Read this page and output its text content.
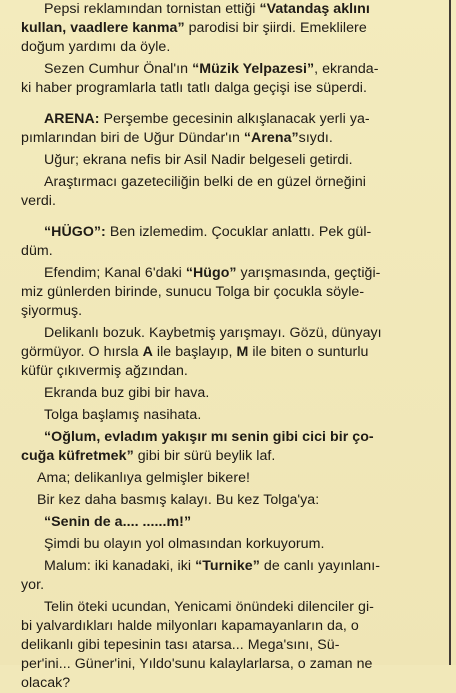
Pepsi reklamından tornistan ettiği “Vatandaş aklını
kullan, vaadlere kanma” parodisi bir şiirdi. Emeklilere
doğum yardımı da öyle.

Sezen Cumhur Önal'ın “Müzik Yelpazesi”, ekranda-
ki haber programlarla tatlı tatlı dalga geçişi ise süperdi.

ARENA: Perşembe gecesinin alkışlanacak yerli ya-
pımlarından biri de Uğur Dündar'ın “Arena”sıydı.

Uğur; ekrana nefis bir Asil Nadir belgeseli getirdi.

Araştırmacı gazeteciliğin belki de en güzel örneğini
verdi.

“HÜGO”: Ben izlemedim. Çocuklar anlattı. Pek gül-
düm.

Efendim; Kanal 6'daki “Hügo” yarışmasında, geçtiği-
miz günlerden birinde, sunucu Tolga bir çocukla söyle-
şiyormuş.

Delikanlı bozuk. Kaybetmiş yarışmayı. Gözü, dünyayı
görmüyor. O hırsla A ile başlayıp, M ile biten o sunturlu
küfür çıkıvermiş ağzından.

Ekranda buz gibi bir hava.

Tolga başlamış nasihata.

“Oğlum, evladım yakışır mı senin gibi cici bir ço-
cuğa küfretmek” gibi bir sürü beylik laf.

Ama; delikanlıya gelmişler bikere!

Bir kez daha basmış kalayı. Bu kez Tolga'ya:

“Senin de a.... ......m!”

Şimdi bu olayın yol olmasından korkuyorum.

Malum: iki kanadaki, iki “Turnike” de canlı yayınlanı-
yor.

Telin öteki ucundan, Yenicami önündeki dilenciler gi-
bi yalvardıkları halde milyonları kapamayanların da, o
delikanlı gibi tepesinin tası atarsa... Mega'sını, Sü-
per'ini... Güner'ini, Yıldo'sunu kalaylarlarsa, o zaman ne
olacak?
